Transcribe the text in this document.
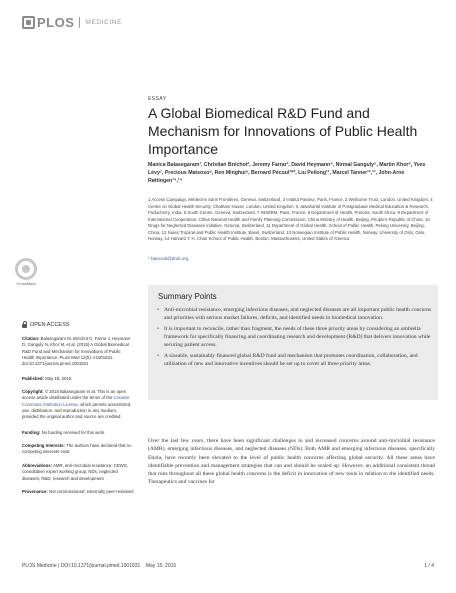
PLOS MEDICINE
ESSAY
A Global Biomedical R&D Fund and Mechanism for Innovations of Public Health Importance
Manica Balasegaram¹, Christian Bréchot², Jeremy Farrar³, David Heymann⁴, Nirmal Ganguly⁵, Martin Khor⁶, Yves Lévy⁷, Precious Matsoso⁸, Ren Minghui⁹, Bernard Pécoul¹⁰*, Liu Peilong¹¹, Marcel Tanner¹²,¹³, John-Arne Røttingen¹⁴,¹⁴
1 Access Campaign, Médecins Sans Frontières, Geneva, Switzerland, 2 Institut Pasteur, Paris, France, 3 Wellcome Trust, London, United Kingdom, 4 Centre on Global Health Security, Chatham House, London, United Kingdom, 5 Jawaharlal Institute of Postgraduate Medical Education & Research, Puducherry, India, 6 South Centre, Geneva, Switzerland, 7 INSERM, Paris, France, 8 Department of Health, Pretoria, South Africa, 9 Department of International Cooperation, China National Health and Family Planning Commission, China Ministry of Health, Beijing, People's Republic of China, 10 Drugs for Neglected Diseases initiative, Geneva, Switzerland, 11 Department of Global Health, School of Public Health, Peking University, Beijing, China, 12 Swiss Tropical and Public Health Institute, Basel, Switzerland, 13 Norwegian Institute of Public Health, Norway, University of Oslo, Oslo, Norway, 14 Harvard T. H. Chan School of Public Health, Boston, Massachusetts, United States of America
* bpecoul@dndi.org
CrossMark
OPEN ACCESS
Citation: Balasegaram M, Bréchot C, Farrar J, Heymann D, Ganguly N, Khor M, et al. (2015) A Global Biomedical R&D Fund and Mechanism for Innovations of Public Health Importance. PLoS Med 12(5): e1001831. doi:10.1371/journal.pmed.1001831
Published: May 15, 2015
Copyright: © 2015 Balasegaram et al. This is an open access article distributed under the terms of the Creative Commons Attribution License, which permits unrestricted use, distribution, and reproduction in any medium, provided the original author and source are credited.
Funding: No funding received for this work.
Competing Interests: The authors have declared that no competing interests exist.
Abbreviations: AMR, anti-microbial resistance; CEWG, consultative expert working group; NDs, neglected diseases; R&D, research and development
Provenance: Not commissioned; externally peer-reviewed
Summary Points
• Anti-microbial resistance, emerging infectious diseases, and neglected diseases are all important public health concerns and priorities with serious market failures, deficits, and identified needs in biomedical innovation.
• It is important to reconcile, rather than fragment, the needs of these three priority areas by considering an umbrella framework for specifically financing and coordinating research and development (R&D) that delivers innovation while securing patient access.
• A sizeable, sustainably financed global R&D fund and mechanism that promotes coordination, collaboration, and utilization of new and innovative incentives should be set up to cover all three priority areas.
Over the last few years, there have been significant challenges in and increased concerns around anti-microbial resistance (AMR), emerging infectious diseases, and neglected diseases (NDs). Both AMR and emerging infectious diseases, specifically Ebola, have recently been elevated to the level of public health concerns affecting global security. All these areas have identifiable prevention and management strategies that can and should be scaled up. However, an additional consistent thread that runs throughout all these global health concerns is the deficit in innovation of new tools in relation to the identified needs. Therapeutics and vaccines for
PLOS Medicine | DOI:10.1371/journal.pmed.1001831    May 15, 2015	1 / 4
